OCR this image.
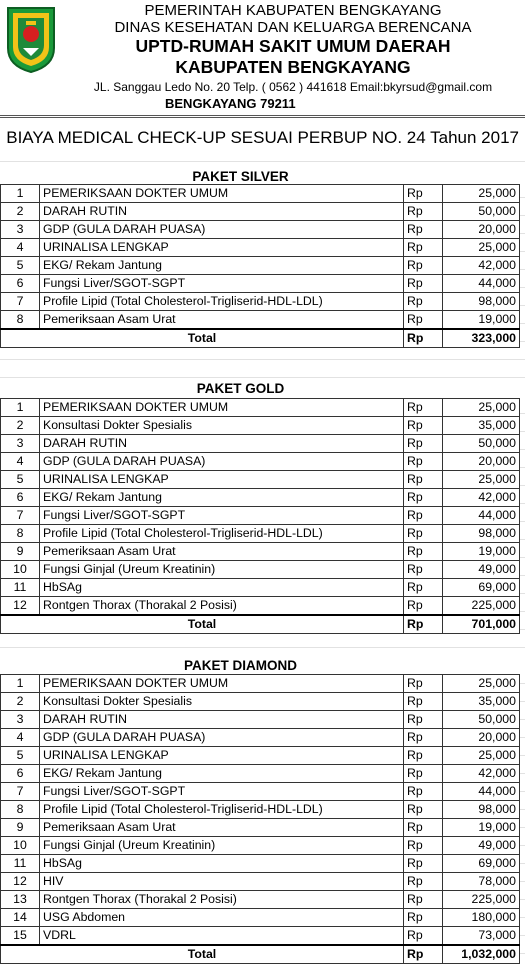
PEMERINTAH KABUPATEN BENGKAYANG
DINAS KESEHATAN DAN KELUARGA BERENCANA
UPTD-RUMAH SAKIT UMUM DAERAH
KABUPATEN BENGKAYANG
JL. Sanggau Ledo No. 20 Telp. ( 0562 ) 441618 Email:bkyrsud@gmail.com
BENGKAYANG 79211
BIAYA MEDICAL CHECK-UP SESUAI PERBUP NO. 24 Tahun 2017
PAKET SILVER
1	PEMERIKSAAN DOKTER UMUM	Rp	25,000
2	DARAH RUTIN	Rp	50,000
3	GDP (GULA DARAH PUASA)	Rp	20,000
4	URINALISA LENGKAP	Rp	25,000
5	EKG/ Rekam Jantung	Rp	42,000
6	Fungsi Liver/SGOT-SGPT	Rp	44,000
7	Profile Lipid (Total Cholesterol-Trigliserid-HDL-LDL)	Rp	98,000
8	Pemeriksaan Asam Urat	Rp	19,000
Total		Rp	323,000
PAKET GOLD
1	PEMERIKSAAN DOKTER UMUM	Rp	25,000
2	Konsultasi Dokter Spesialis	Rp	35,000
3	DARAH RUTIN	Rp	50,000
4	GDP (GULA DARAH PUASA)	Rp	20,000
5	URINALISA LENGKAP	Rp	25,000
6	EKG/ Rekam Jantung	Rp	42,000
7	Fungsi Liver/SGOT-SGPT	Rp	44,000
8	Profile Lipid (Total Cholesterol-Trigliserid-HDL-LDL)	Rp	98,000
9	Pemeriksaan Asam Urat	Rp	19,000
10	Fungsi Ginjal (Ureum Kreatinin)	Rp	49,000
11	HbSAg	Rp	69,000
12	Rontgen Thorax (Thorakal 2 Posisi)	Rp	225,000
Total		Rp	701,000
PAKET DIAMOND
1	PEMERIKSAAN DOKTER UMUM	Rp	25,000
2	Konsultasi Dokter Spesialis	Rp	35,000
3	DARAH RUTIN	Rp	50,000
4	GDP (GULA DARAH PUASA)	Rp	20,000
5	URINALISA LENGKAP	Rp	25,000
6	EKG/ Rekam Jantung	Rp	42,000
7	Fungsi Liver/SGOT-SGPT	Rp	44,000
8	Profile Lipid (Total Cholesterol-Trigliserid-HDL-LDL)	Rp	98,000
9	Pemeriksaan Asam Urat	Rp	19,000
10	Fungsi Ginjal (Ureum Kreatinin)	Rp	49,000
11	HbSAg	Rp	69,000
12	HIV	Rp	78,000
13	Rontgen Thorax (Thorakal 2 Posisi)	Rp	225,000
14	USG Abdomen	Rp	180,000
15	VDRL	Rp	73,000
Total		Rp	1,032,000
